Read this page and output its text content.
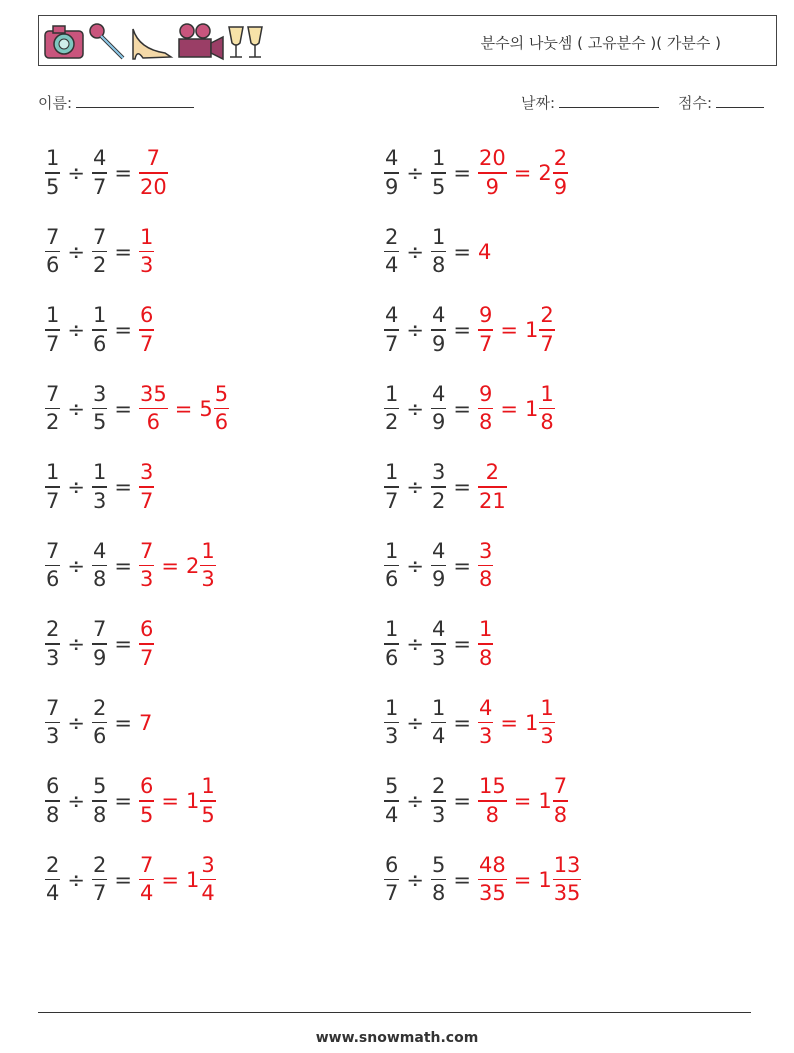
분수의 나눗셈 ( 고유분수 )( 가분수 )
이름:	날짜:	점수:
$\frac{1}{5} \div \frac{4}{7} = \frac{7}{20}$	$\frac{4}{9} \div \frac{1}{5} = \frac{20}{9} = 2 \frac{2}{9}$
$\frac{7}{6} \div \frac{7}{2} = \frac{1}{3}$	$\frac{2}{4} \div \frac{1}{8} = 4$
$\frac{1}{7} \div \frac{1}{6} = \frac{6}{7}$	$\frac{4}{7} \div \frac{4}{9} = \frac{9}{7} = 1 \frac{2}{7}$
$\frac{7}{2} \div \frac{3}{5} = \frac{35}{6} = 5 \frac{5}{6}$	$\frac{1}{2} \div \frac{4}{9} = \frac{9}{8} = 1 \frac{1}{8}$
$\frac{1}{7} \div \frac{1}{3} = \frac{3}{7}$	$\frac{1}{7} \div \frac{3}{2} = \frac{2}{21}$
$\frac{7}{6} \div \frac{4}{8} = \frac{7}{3} = 2 \frac{1}{3}$	$\frac{1}{6} \div \frac{4}{9} = \frac{3}{8}$
$\frac{2}{3} \div \frac{7}{9} = \frac{6}{7}$	$\frac{1}{6} \div \frac{4}{3} = \frac{1}{8}$
$\frac{7}{3} \div \frac{2}{6} = 7$	$\frac{1}{3} \div \frac{1}{4} = \frac{4}{3} = 1 \frac{1}{3}$
$\frac{6}{8} \div \frac{5}{8} = \frac{6}{5} = 1 \frac{1}{5}$	$\frac{5}{4} \div \frac{2}{3} = \frac{15}{8} = 1 \frac{7}{8}$
$\frac{2}{4} \div \frac{2}{7} = \frac{7}{4} = 1 \frac{3}{4}$	$\frac{6}{7} \div \frac{5}{8} = \frac{48}{35} = 1 \frac{13}{35}$
www.snowmath.com
